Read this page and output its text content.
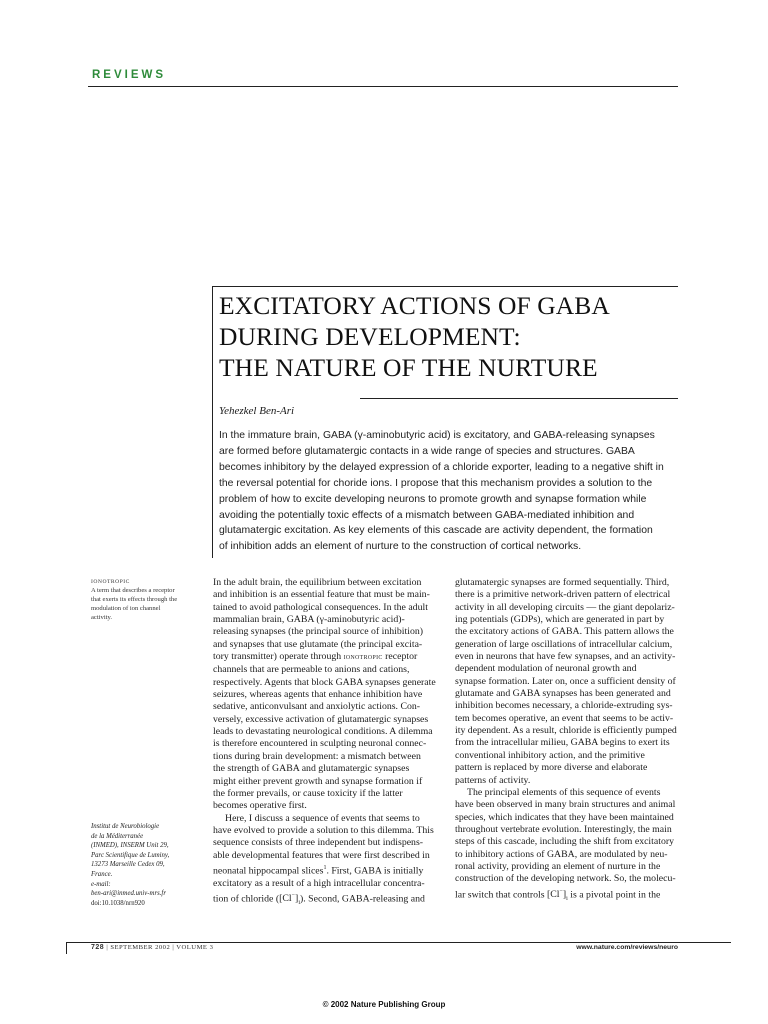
REVIEWS
EXCITATORY ACTIONS OF GABA
DURING DEVELOPMENT:
THE NATURE OF THE NURTURE
Yehezkel Ben-Ari
In the immature brain, GABA (γ-aminobutyric acid) is excitatory, and GABA-releasing synapses
are formed before glutamatergic contacts in a wide range of species and structures. GABA
becomes inhibitory by the delayed expression of a chloride exporter, leading to a negative shift in
the reversal potential for choride ions. I propose that this mechanism provides a solution to the
problem of how to excite developing neurons to promote growth and synapse formation while
avoiding the potentially toxic effects of a mismatch between GABA-mediated inhibition and
glutamatergic excitation. As key elements of this cascade are activity dependent, the formation
of inhibition adds an element of nurture to the construction of cortical networks.
IONOTROPIC
A term that describes a receptor
that exerts its effects through the
modulation of ion channel
activity.
Institut de Neurobiologie
de la Méditerranée
(INMED), INSERM Unit 29,
Parc Scientifique de Luminy,
13273 Marseille Cedex 09,
France.
e-mail:
ben-ari@inmed.univ-mrs.fr
doi:10.1038/nrn920
In the adult brain, the equilibrium between excitation
and inhibition is an essential feature that must be main-
tained to avoid pathological consequences. In the adult
mammalian brain, GABA (γ-aminobutyric acid)-
releasing synapses (the principal source of inhibition)
and synapses that use glutamate (the principal excita-
tory transmitter) operate through IONOTROPIC receptor
channels that are permeable to anions and cations,
respectively. Agents that block GABA synapses generate
seizures, whereas agents that enhance inhibition have
sedative, anticonvulsant and anxiolytic actions. Con-
versely, excessive activation of glutamatergic synapses
leads to devastating neurological conditions. A dilemma
is therefore encountered in sculpting neuronal connec-
tions during brain development: a mismatch between
the strength of GABA and glutamatergic synapses
might either prevent growth and synapse formation if
the former prevails, or cause toxicity if the latter
becomes operative first.
Here, I discuss a sequence of events that seems to
have evolved to provide a solution to this dilemma. This
sequence consists of three independent but indispens-
able developmental features that were first described in
neonatal hippocampal slices$^1$. First, GABA is initially
excitatory as a result of a high intracellular concentra-
tion of chloride $([Cl^-]_i)$. Second, GABA-releasing and
glutamatergic synapses are formed sequentially. Third,
there is a primitive network-driven pattern of electrical
activity in all developing circuits — the giant depolariz-
ing potentials (GDPs), which are generated in part by
the excitatory actions of GABA. This pattern allows the
generation of large oscillations of intracellular calcium,
even in neurons that have few synapses, and an activity-
dependent modulation of neuronal growth and
synapse formation. Later on, once a sufficient density of
glutamate and GABA synapses has been generated and
inhibition becomes necessary, a chloride-extruding sys-
tem becomes operative, an event that seems to be activ-
ity dependent. As a result, chloride is efficiently pumped
from the intracellular milieu, GABA begins to exert its
conventional inhibitory action, and the primitive
pattern is replaced by more diverse and elaborate
patterns of activity.
The principal elements of this sequence of events
have been observed in many brain structures and animal
species, which indicates that they have been maintained
throughout vertebrate evolution. Interestingly, the main
steps of this cascade, including the shift from excitatory
to inhibitory actions of GABA, are modulated by neu-
ronal activity, providing an element of nurture in the
construction of the developing network. So, the molecu-
lar switch that controls $[Cl^-]_i$ is a pivotal point in the
728 | SEPTEMBER 2002 | VOLUME 3	www.nature.com/reviews/neuro
© 2002 Nature Publishing Group
